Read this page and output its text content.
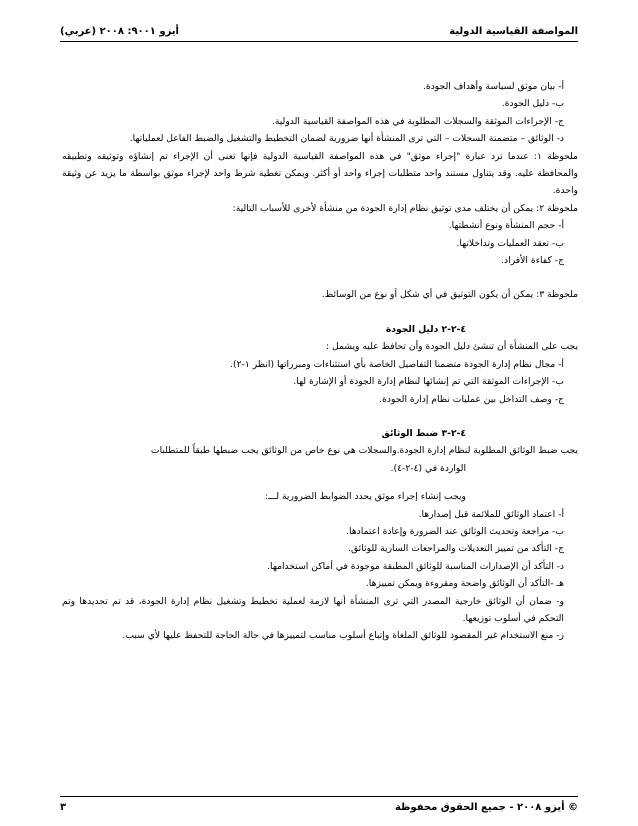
المواصفة القياسية الدولية
أيزو ٩٠٠١: ٢٠٠٨ (عربي)

أ- بيان موثق لسياسة وأهداف الجودة.

ب- دليل الجودة.

ج- الإجراءات الموثقة والسجلات المطلوبة في هذه المواصفة القياسية الدولية.

د- الوثائق – متضمنة السجلات – التي ترى المنشأة أنها ضرورية لضمان التخطيط والتشغيل والضبط الفاعل لعملياتها.

ملحوظة ١: عندما ترد عبارة "إجراء موثق" في هذه المواصفة القياسية الدولية فإنها تعنى أن الإجراء تم إنشاؤه وتوثيقه وتطبيقه والمحافظة عليه. وقد يتناول مستند واحد متطلبات إجراء واحد أو أكثر. ويمكن تغطية شرط واحد لإجراء موثق بواسطة ما يزيد عن وثيقة واحدة.

ملحوظة ٢: يمكن أن يختلف مدى توثيق نظام إدارة الجودة من منشأة لأخرى للأسباب التالية:

أ- حجم المنشأة ونوع أنشطتها.

ب- تعقد العمليات وتداخلاتها.

ج- كفاءة الأفراد.

ملحوظة ٣: يمكن أن يكون التوثيق في أي شكل أو نوع من الوسائط.

٤-٢-٢ دليل الجودة

يجب على المنشأة أن تنشئ دليل الجودة وأن تحافظ عليه ويشمل :

أ- مجال نظام إدارة الجودة متضمنا التفاصيل الخاصة بأي استثناءات ومبرراتها (انظر ١-٢).

ب- الإجراءات الموثقة التي تم إنشائها لنظام إدارة الجودة أو الإشارة لها.

ج- وصف التداخل بين عمليات نظام إدارة الجودة.

٤-٢-٣ ضبط الوثائق

يجب ضبط الوثائق المطلوبة لنظام إدارة الجودة.والسجلات هي نوع خاص من الوثائق يجب ضبطها طبقاً للمتطلبات

الواردة في (٤-٢-٤).

ويجب إنشاء إجراء موثق يحدد الضوابط الضرورية لـــ:

أ- اعتماد الوثائق للملائمة قبل إصدارها.

ب- مراجعة وتحديث الوثائق عند الضرورة وإعادة اعتمادها.

ج- التأكد من تمييز التعديلات والمراجعات السارية للوثائق.

د- التأكد أن الإصدارات المناسبة للوثائق المطبقة موجودة في أماكن استخدامها.

هـ -التأكد أن الوثائق واضحة ومقروءة ويمكن تمييزها.

و- ضمان أن الوثائق خارجية المصدر التي ترى المنشأة أنها لازمة لعملية تخطيط وتشغيل نظام إدارة الجودة، قد تم تحديدها وتم التحكم في أسلوب توزيعها.

ز- منع الاستخدام غير المقصود للوثائق الملغاة وإتباع أسلوب مناسب لتمييزها في حالة الحاجة للتحفظ عليها لأي سبب.

© أيزو ٢٠٠٨ - جميع الحقوق محفوظة
٣
